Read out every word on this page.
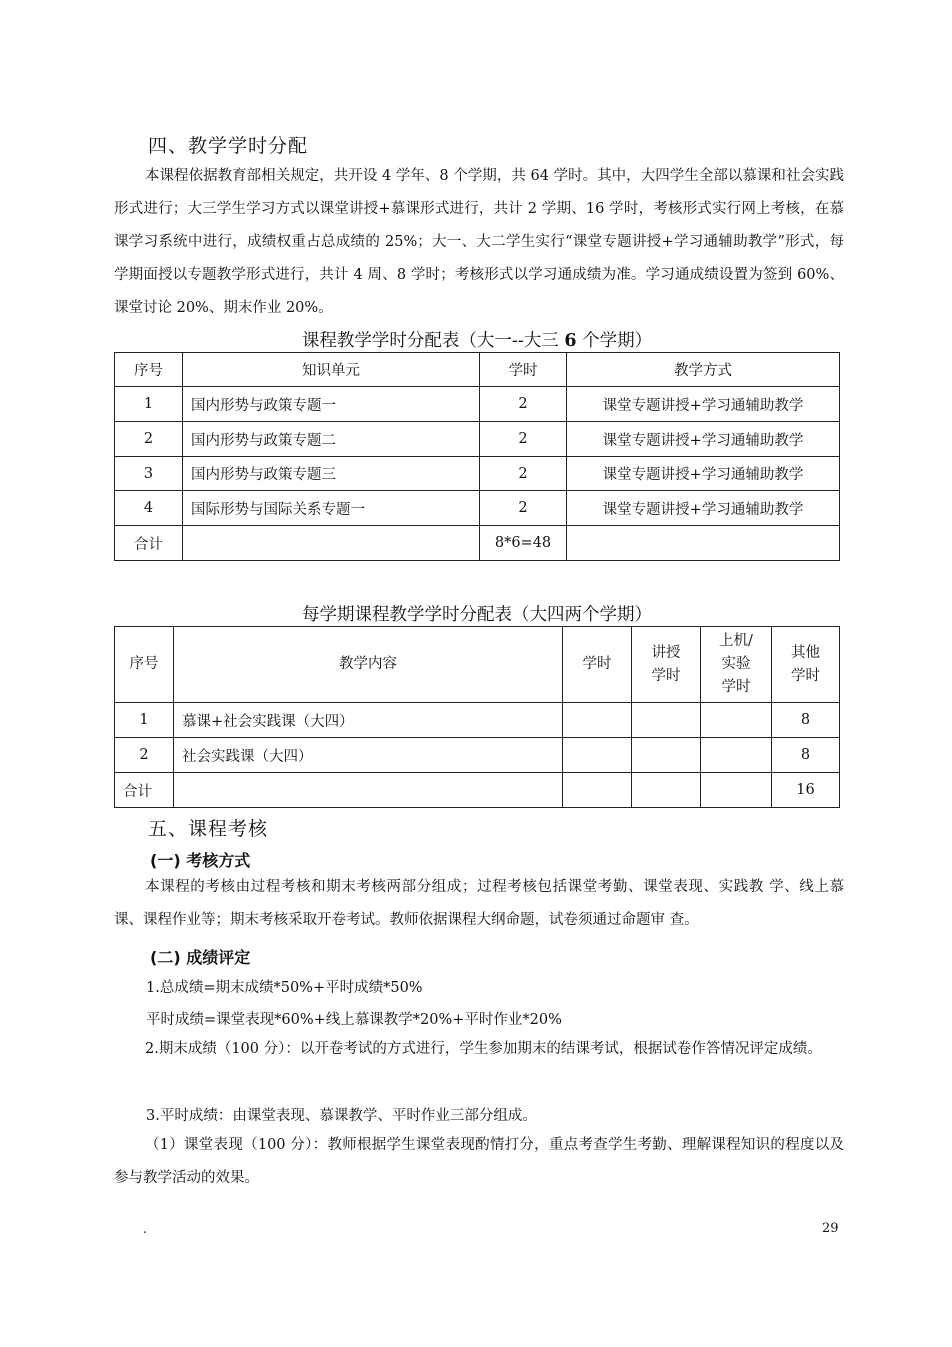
四、教学学时分配

本课程依据教育部相关规定，共开设 4 学年、8 个学期，共 64 学时。其中，大四学生全部以慕课和社会实践形式进行；大三学生学习方式以课堂讲授+慕课形式进行，共计 2 学期、16 学时，考核形式实行网上考核，在慕课学习系统中进行，成绩权重占总成绩的 25%；大一、大二学生实行“课堂专题讲授+学习通辅助教学”形式，每学期面授以专题教学形式进行，共计 4 周、8 学时；考核形式以学习通成绩为准。学习通成绩设置为签到 60%、课堂讨论 20%、期末作业 20%。

课程教学学时分配表（大一--大三 6 个学期）
序号	知识单元	学时	教学方式
1	国内形势与政策专题一	2	课堂专题讲授+学习通辅助教学
2	国内形势与政策专题二	2	课堂专题讲授+学习通辅助教学
3	国内形势与政策专题三	2	课堂专题讲授+学习通辅助教学
4	国际形势与国际关系专题一	2	课堂专题讲授+学习通辅助教学
合计		8*6=48	
每学期课程教学学时分配表（大四两个学期）
序号	教学内容	学时	讲授
学时	上机/
实验
学时	其他
学时
1	慕课+社会实践课（大四）				8
2	社会实践课（大四）				8
合计					16
五、课程考核
(一) 考核方式

本课程的考核由过程考核和期末考核两部分组成；过程考核包括课堂考勤、课堂表现、实践教 学、线上慕课、课程作业等；期末考核采取开卷考试。教师依据课程大纲命题，试卷须通过命题审 查。

(二) 成绩评定
1.总成绩=期末成绩*50%+平时成绩*50%
平时成绩=课堂表现*60%+线上慕课教学*20%+平时作业*20%

2.期末成绩（100 分）：以开卷考试的方式进行，学生参加期末的结课考试，根据试卷作答情况评定成绩。

3.平时成绩：由课堂表现、慕课教学、平时作业三部分组成。

（1）课堂表现（100 分）：教师根据学生课堂表现酌情打分，重点考查学生考勤、理解课程知识的程度以及参与教学活动的效果。

.	29
